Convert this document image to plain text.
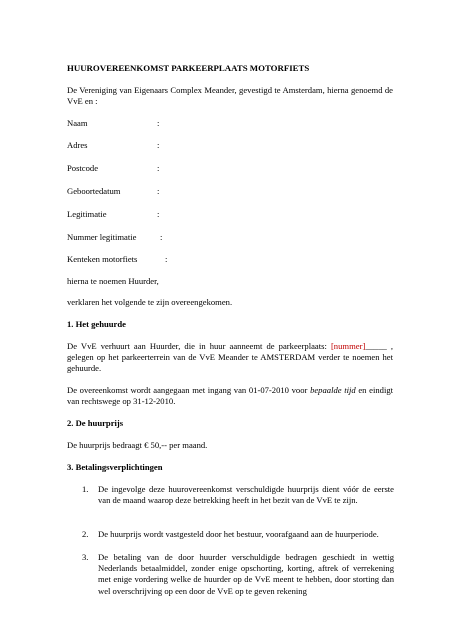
HUUROVEREENKOMST PARKEERPLAATS MOTORFIETS
De Vereniging van Eigenaars Complex Meander, gevestigd te Amsterdam, hierna genoemd de VvE en :
Naam	:
Adres	:
Postcode	:
Geboortedatum	:
Legitimatie	:
Nummer legitimatie	:
Kenteken motorfiets	:
hierna te noemen Huurder,
verklaren het volgende te zijn overeengekomen.
1. Het gehuurde
De VvE verhuurt aan Huurder, die in huur aanneemt de parkeerplaats: [nummer]_____ , gelegen op het parkeerterrein van de VvE Meander te AMSTERDAM verder te noemen het gehuurde.
De overeenkomst wordt aangegaan met ingang van 01-07-2010 voor bepaalde tijd en eindigt van rechtswege op 31-12-2010.
2. De huurprijs
De huurprijs bedraagt € 50,-- per maand.
3. Betalingsverplichtingen
1. De ingevolge deze huurovereenkomst verschuldigde huurprijs dient vóór de eerste van de maand waarop deze betrekking heeft in het bezit van de VvE te zijn.
2. De huurprijs wordt vastgesteld door het bestuur, voorafgaand aan de huurperiode.
3. De betaling van de door huurder verschuldigde bedragen geschiedt in wettig Nederlands betaalmiddel, zonder enige opschorting, korting, aftrek of verrekening met enige vordering welke de huurder op de VvE meent te hebben, door storting dan wel overschrijving op een door de VvE op te geven rekening
